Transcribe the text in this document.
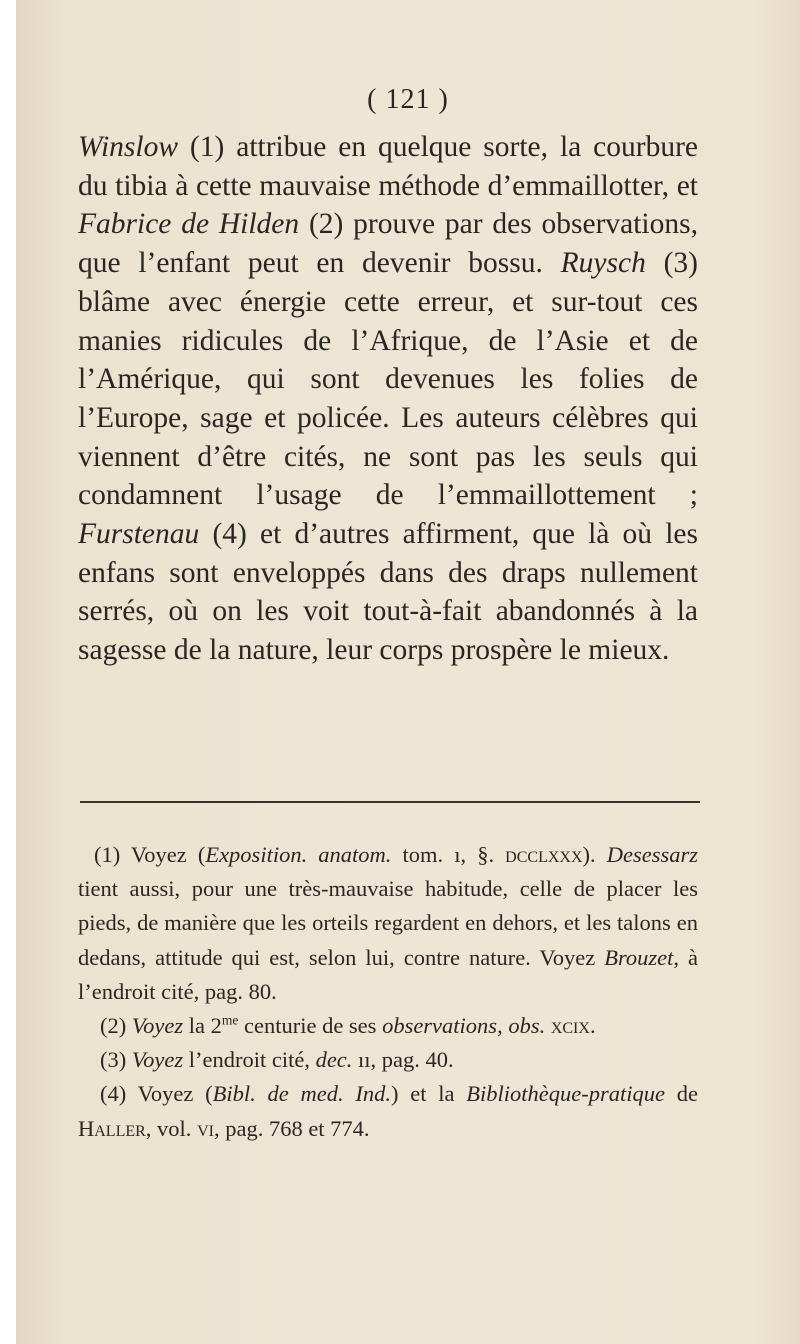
( 121 )

Winslow (1) attribue en quelque sorte, la courbure du tibia à cette mauvaise méthode d’emmaillotter, et Fabrice de Hilden (2) prouve par des observations, que l’enfant peut en devenir bossu. Ruysch (3) blâme avec énergie cette erreur, et sur-tout ces manies ridicules de l’Afrique, de l’Asie et de l’Amérique, qui sont devenues les folies de l’Europe, sage et policée. Les auteurs célèbres qui viennent d’être cités, ne sont pas les seuls qui condamnent l’usage de l’emmaillottement ; Furstenau (4) et d’autres affirment, que là où les enfans sont enveloppés dans des draps nullement serrés, où on les voit tout-à-fait abandonnés à la sagesse de la nature, leur corps prospère le mieux.

(1) Voyez (Exposition. anatom. tom. ı, §. dcclxxx). Desessarz tient aussi, pour une très-mauvaise habitude, celle de placer les pieds, de manière que les orteils regardent en dehors, et les talons en dedans, attitude qui est, selon lui, contre nature. Voyez Brouzet, à l’endroit cité, pag. 80.

(2) Voyez la $2^{me}$ centurie de ses observations, obs. xcix.

(3) Voyez l’endroit cité, dec. ıı, pag. 40.

(4) Voyez (Bibl. de med. Ind.) et la Bibliothèque-pratique de Haller, vol. vi, pag. 768 et 774.
